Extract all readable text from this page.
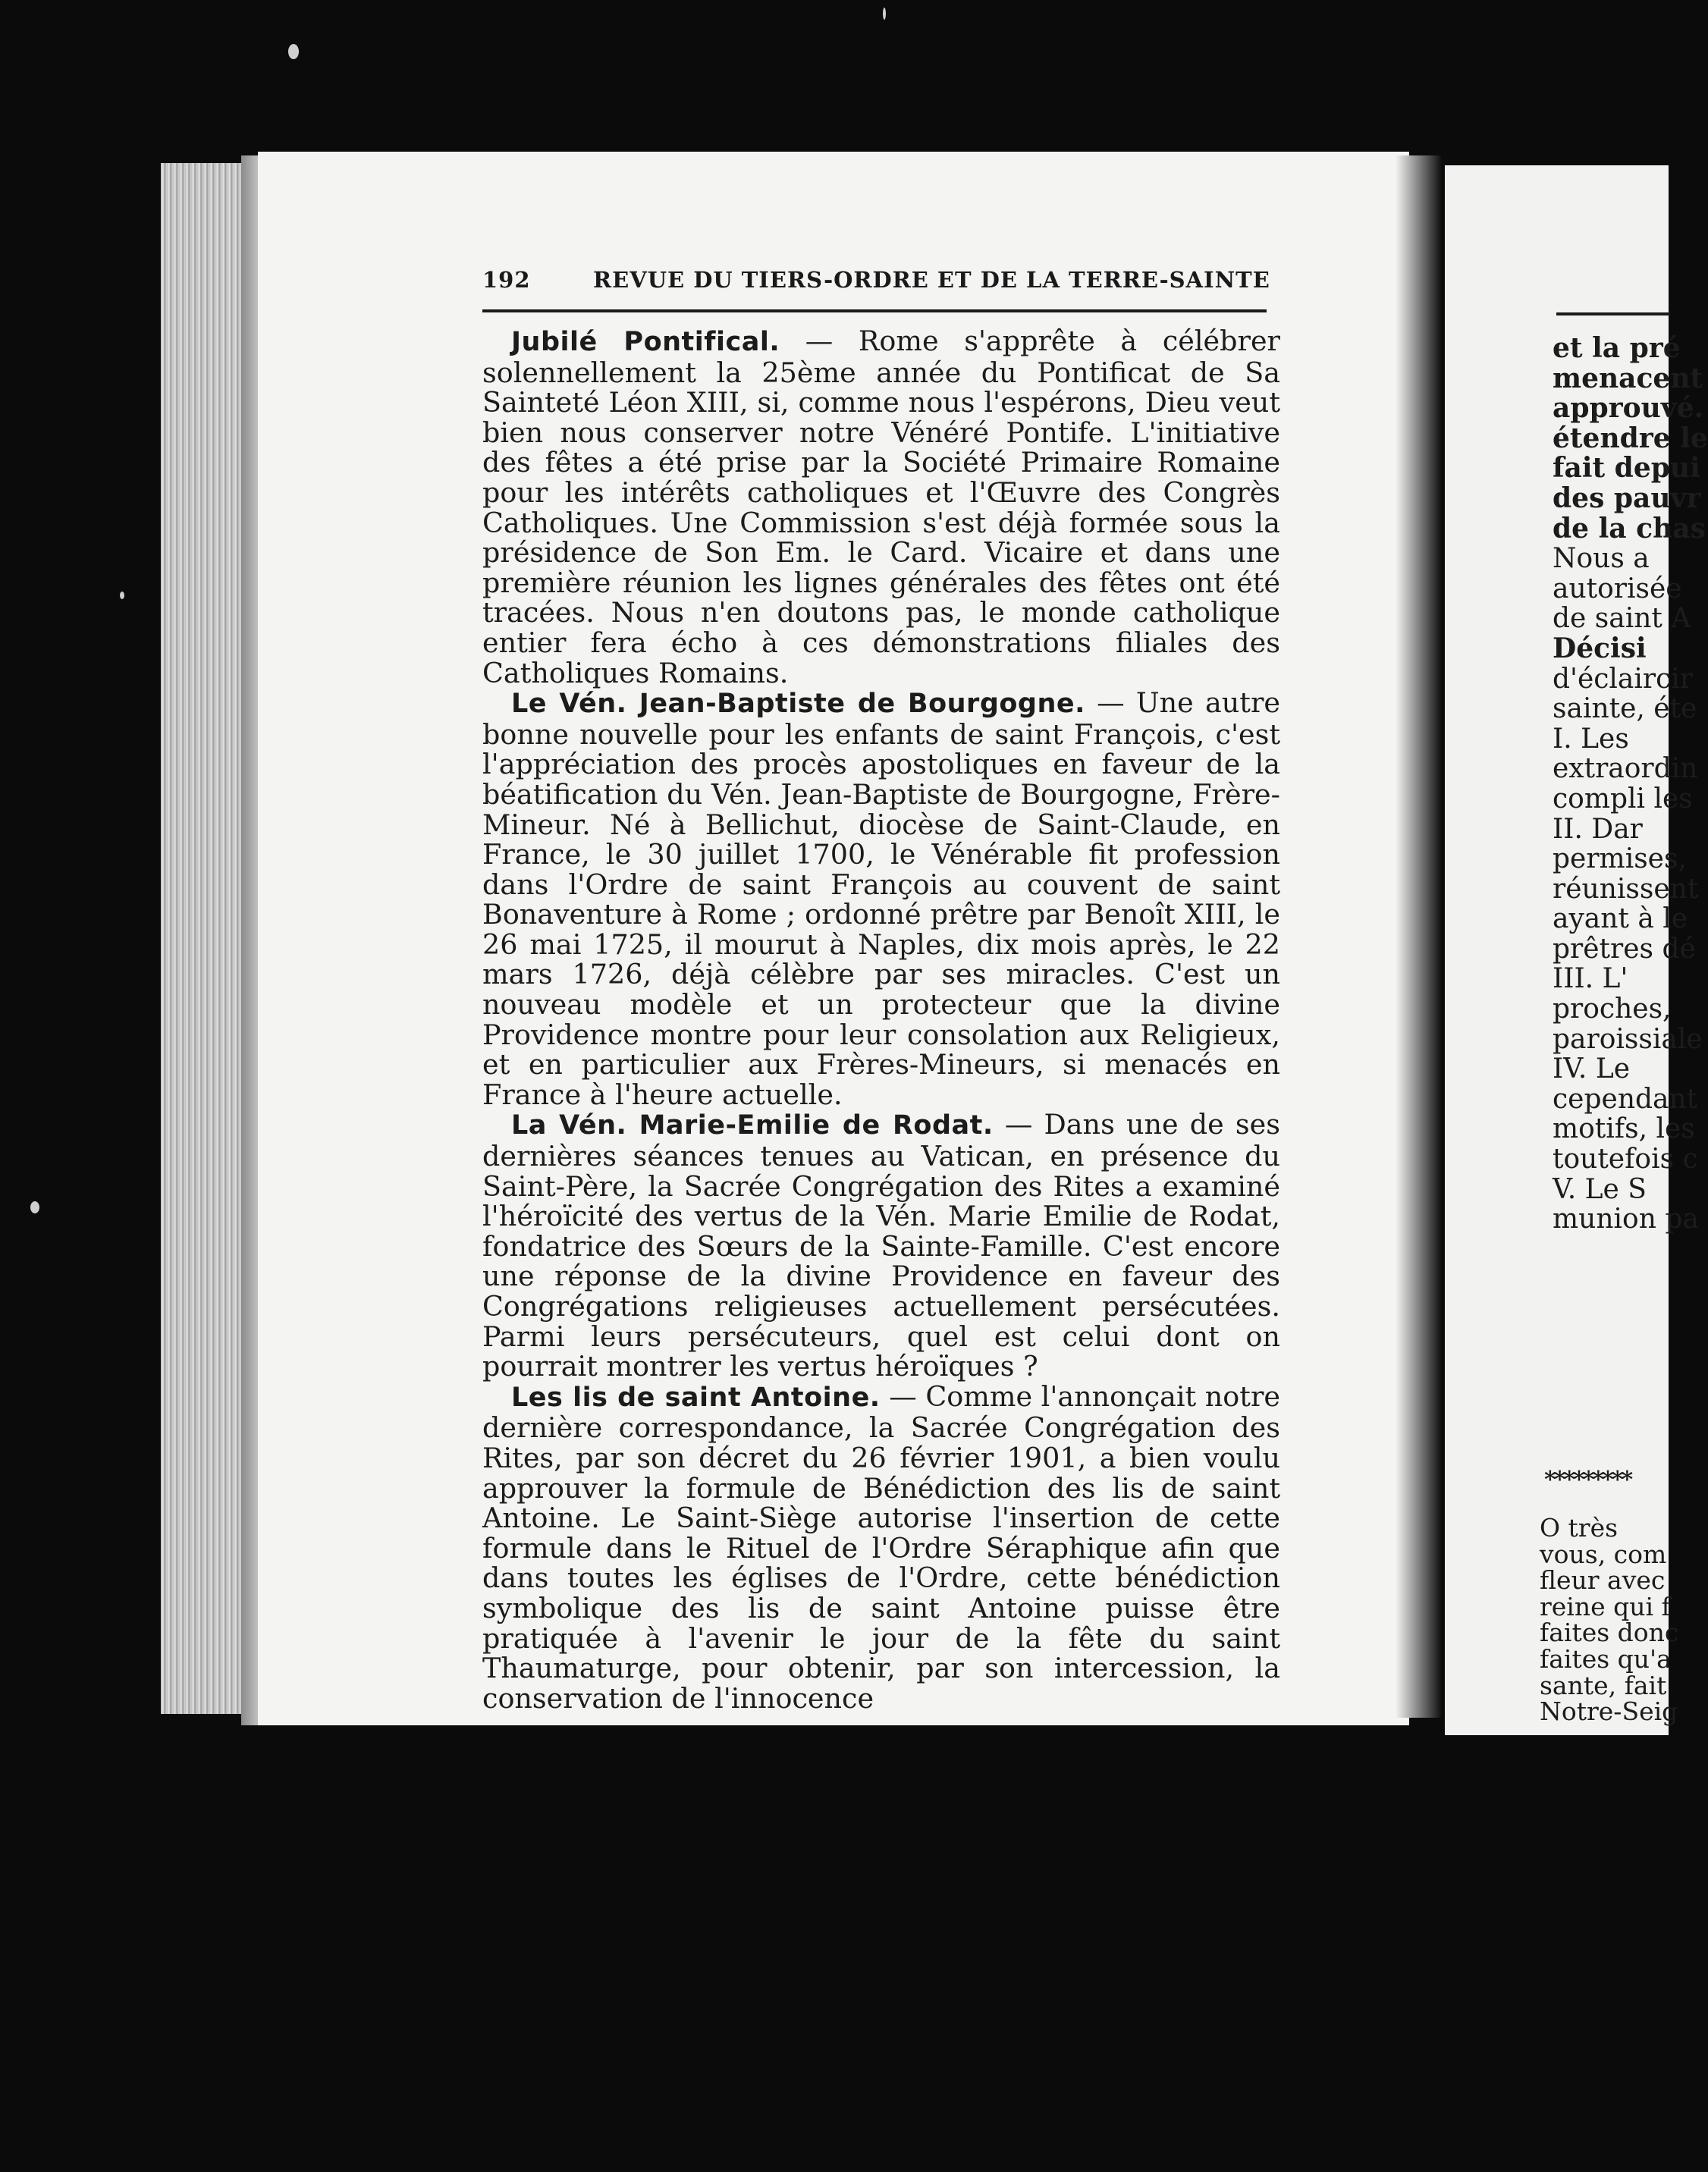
192	REVUE DU TIERS-ORDRE ET DE LA TERRE-SAINTE

Jubilé Pontifical. — Rome s'apprête à célébrer solennellement la 25ème année du Pontificat de Sa Sainteté Léon XIII, si, comme nous l'espérons, Dieu veut bien nous conserver notre Vénéré Pontife. L'initiative des fêtes a été prise par la Société Primaire Romaine pour les intérêts catholiques et l'Œuvre des Congrès Catholiques. Une Commission s'est déjà formée sous la présidence de Son Em. le Card. Vicaire et dans une première réunion les lignes générales des fêtes ont été tracées. Nous n'en doutons pas, le monde catholique entier fera écho à ces démonstrations filiales des Catholiques Romains.

Le Vén. Jean-Baptiste de Bourgogne. — Une autre bonne nouvelle pour les enfants de saint François, c'est l'appréciation des procès apostoliques en faveur de la béatification du Vén. Jean-Baptiste de Bourgogne, Frère-Mineur. Né à Bellichut, diocèse de Saint-Claude, en France, le 30 juillet 1700, le Vénérable fit profession dans l'Ordre de saint François au couvent de saint Bonaventure à Rome ; ordonné prêtre par Benoît XIII, le 26 mai 1725, il mourut à Naples, dix mois après, le 22 mars 1726, déjà célèbre par ses miracles. C'est un nouveau modèle et un protecteur que la divine Providence montre pour leur consolation aux Religieux, et en particulier aux Frères-Mineurs, si menacés en France à l'heure actuelle.

La Vén. Marie-Emilie de Rodat. — Dans une de ses dernières séances tenues au Vatican, en présence du Saint-Père, la Sacrée Congrégation des Rites a examiné l'héroïcité des vertus de la Vén. Marie Emilie de Rodat, fondatrice des Sœurs de la Sainte-Famille. C'est encore une réponse de la divine Providence en faveur des Congrégations religieuses actuellement persécutées. Parmi leurs persécuteurs, quel est celui dont on pourrait montrer les vertus héroïques ?

Les lis de saint Antoine. — Comme l'annonçait notre dernière correspondance, la Sacrée Congrégation des Rites, par son décret du 26 février 1901, a bien voulu approuver la formule de Bénédiction des lis de saint Antoine. Le Saint-Siège autorise l'insertion de cette formule dans le Rituel de l'Ordre Séraphique afin que dans toutes les églises de l'Ordre, cette bénédiction symbolique des lis de saint Antoine puisse être pratiquée à l'avenir le jour de la fête du saint Thaumaturge, pour obtenir, par son intercession, la conservation de l'innocence

et la pré
menacent
approuvé.
étendre le
fait depui
des pauvr
de la chas
Nous a
autorisée
de saint A
Décisi
d'éclaircir
sainte, éte
I. Les
extraordin
compli les
II. Dar
permises,
réunissent
ayant à le
prêtres dé
III. L'
proches,
paroissiale
IV. Le
cependant
motifs, les
toutefois c
V. Le S
munion pa
*********
O très
vous, com
fleur avec
reine qui f
faites donc
faites qu'a
sante, fait
Notre-Seig
